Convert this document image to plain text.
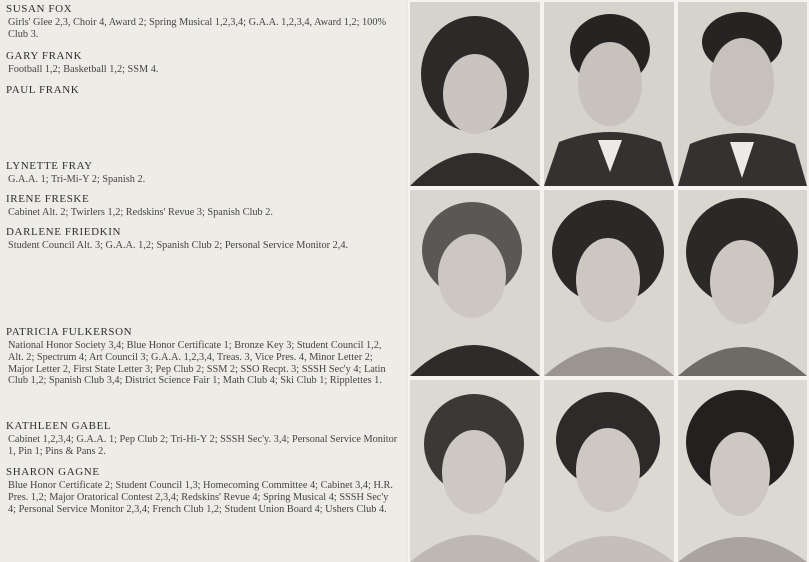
SUSAN FOX
Girls' Glee 2,3, Choir 4, Award 2; Spring Musical 1,2,3,4; G.A.A. 1,2,3,4, Award 1,2; 100% Club 3.
GARY FRANK
Football 1,2; Basketball 1,2; SSM 4.
PAUL FRANK
LYNETTE FRAY
G.A.A. 1; Tri-Mi-Y 2; Spanish 2.
IRENE FRESKE
Cabinet Alt. 2; Twirlers 1,2; Redskins' Revue 3; Spanish Club 2.
DARLENE FRIEDKIN
Student Council Alt. 3; G.A.A. 1,2; Spanish Club 2; Personal Service Monitor 2,4.
PATRICIA FULKERSON
National Honor Society 3,4; Blue Honor Certificate 1; Bronze Key 3; Student Council 1,2, Alt. 2; Spectrum 4; Art Council 3; G.A.A. 1,2,3,4, Treas. 3, Vice Pres. 4, Minor Letter 2; Major Letter 2, First State Letter 3; Pep Club 2; SSM 2; SSO Recpt. 3; SSSH Sec'y 4; Latin Club 1,2; Spanish Club 3,4; District Science Fair 1; Math Club 4; Ski Club 1; Ripplettes 1.
KATHLEEN GABEL
Cabinet 1,2,3,4; G.A.A. 1; Pep Club 2; Tri-Hi-Y 2; SSSH Sec'y. 3,4; Personal Service Monitor 1, Pin 1; Pins & Pans 2.
SHARON GAGNE
Blue Honor Certificate 2; Student Council 1,3; Homecoming Committee 4; Cabinet 3,4; H.R. Pres. 1,2; Major Oratorical Contest 2,3,4; Redskins' Revue 4; Spring Musical 4; SSSH Sec'y 4; Personal Service Monitor 2,3,4; French Club 1,2; Student Union Board 4; Ushers Club 4.
